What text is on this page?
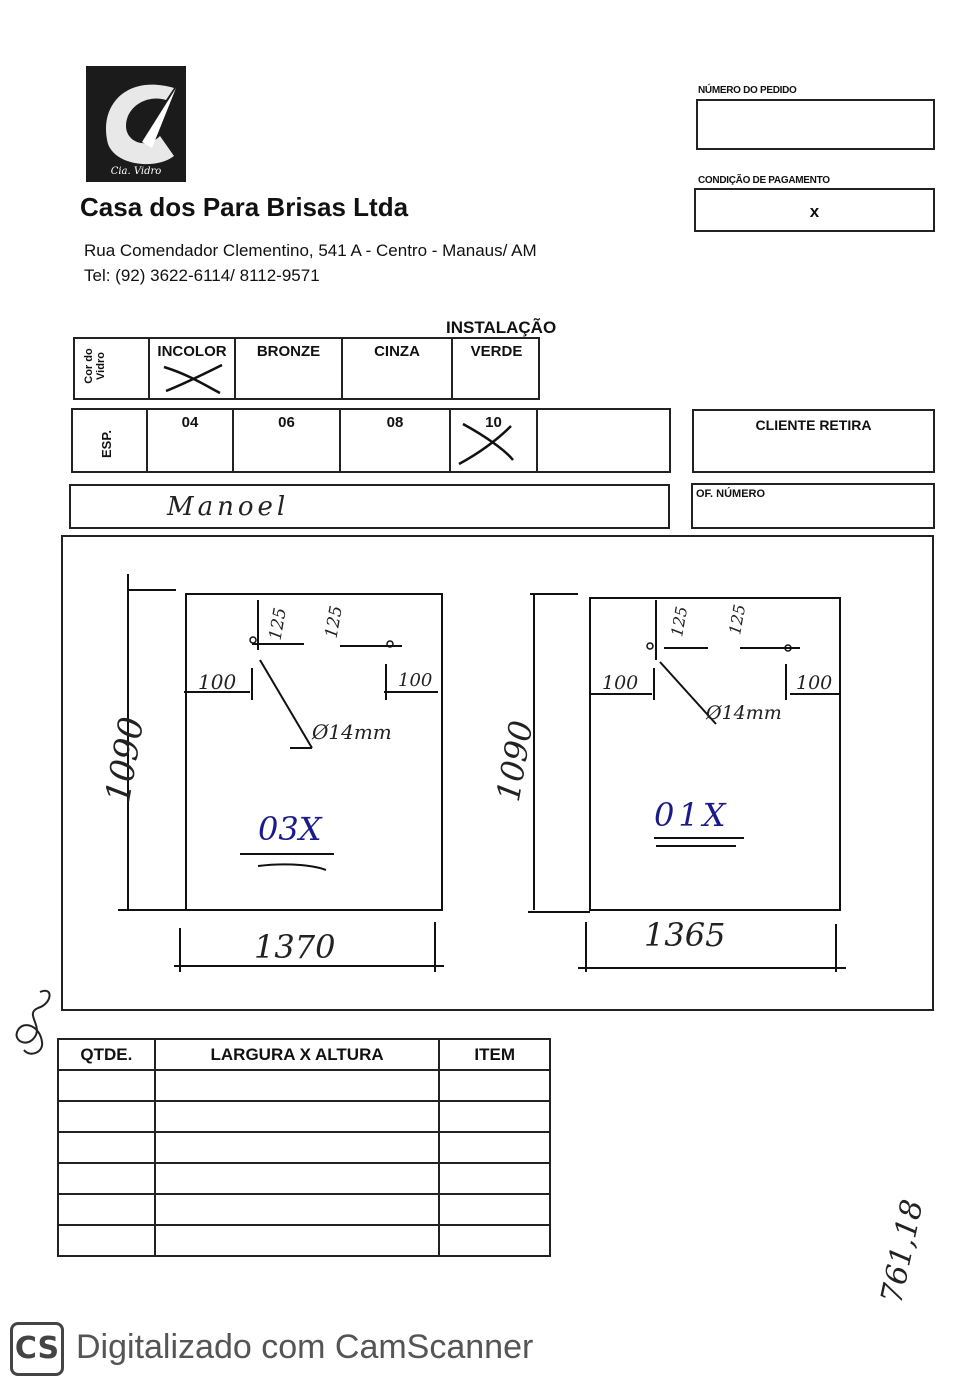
Cia. Vidro
Casa dos Para Brisas Ltda
Rua Comendador Clementino, 541 A - Centro - Manaus/ AM
Tel: (92) 3622-6114/ 8112-9571
NÚMERO DO PEDIDO
CONDIÇÃO DE PAGAMENTO
x
INSTALAÇÃO
Cor do Vidro
INCOLOR	BRONZE	CINZA	VERDE
ESP.
04	06	08	10	CLIENTE RETIRA
Manoel	OF. NÚMERO
1090
1370
125 125
100	100
Ø14mm
03X
1090
1365
125 125
100	100
Ø14mm
01X
QTDE.	LARGURA X ALTURA	ITEM

761,18
CS Digitalizado com CamScanner
